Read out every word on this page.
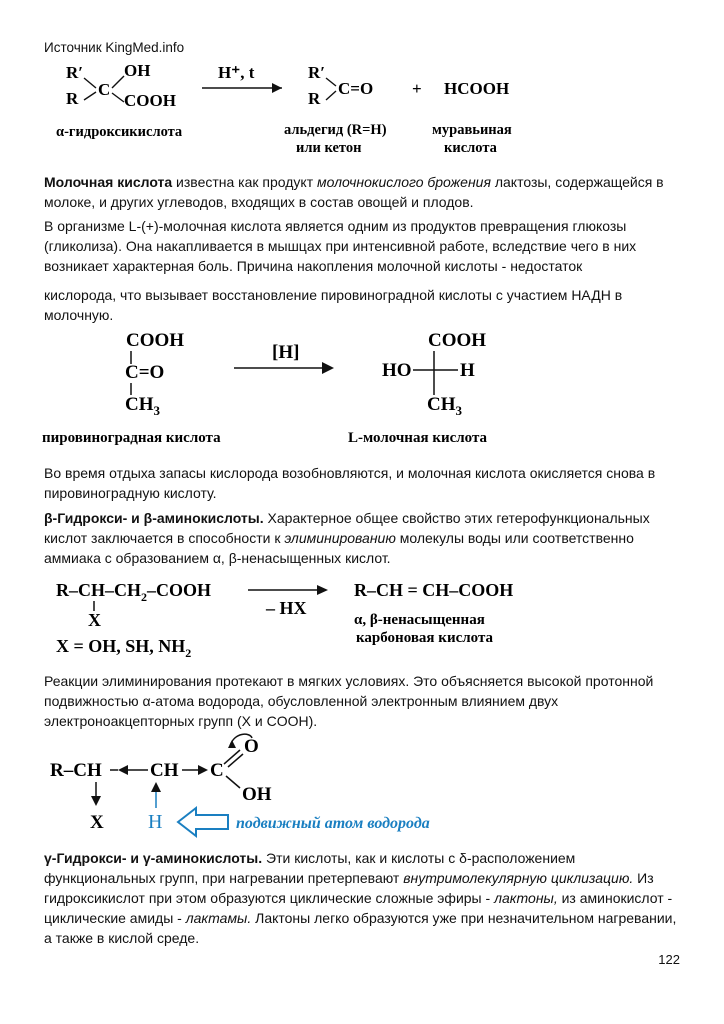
Источник KingMed.info
R′
R C
OH
COOH
H⁺, t	R′
R
C=O + HCOOH
α-гидроксикислота	альдегид (R=H)
или кетон
муравьиная
кислота
Молочная кислота известна как продукт молочнокислого брожения лактозы, содержащейся в молоке, и других углеводов, входящих в состав овощей и плодов.
В организме L-(+)-молочная кислота является одним из продуктов превращения глюкозы (гликолиза). Она накапливается в мышцах при интенсивной работе, вследствие чего в них возникает характерная боль. Причина накопления молочной кислоты - недостаток
кислорода, что вызывает восстановление пировиноградной кислоты с участием НАДН в молочную.
COOH
C=O
$CH_3$
[H]
COOH
HO	H
$CH_3$
пировиноградная кислота	L-молочная кислота
Во время отдыха запасы кислорода возобновляются, и молочная кислота окисляется снова в пировиноградную кислоту.
β-Гидрокси- и β-аминокислоты. Характерное общее свойство этих гетерофункциональных кислот заключается в способности к элиминированию молекулы воды или соответственно аммиака с образованием α, β-ненасыщенных кислот.
$R-CH-CH_2$–COOH
X
X = OH, SH, $NH_2$
– HX
R–CH = CH–COOH
α, β-ненасыщенная
карбоновая кислота
Реакции элиминирования протекают в мягких условиях. Это объясняется высокой протонной подвижностью α-атома водорода, обусловленной электронным влиянием двух электроноакцепторных групп (X и COOH).
R–CH	CH C
O
OH
X H	подвижный атом водорода
γ-Гидрокси- и γ-аминокислоты. Эти кислоты, как и кислоты с δ-расположением функциональных групп, при нагревании претерпевают внутримолекулярную циклизацию. Из гидроксикислот при этом образуются циклические сложные эфиры - лактоны, из аминокислот - циклические амиды - лактамы. Лактоны легко образуются уже при незначительном нагревании, а также в кислой среде.
122
